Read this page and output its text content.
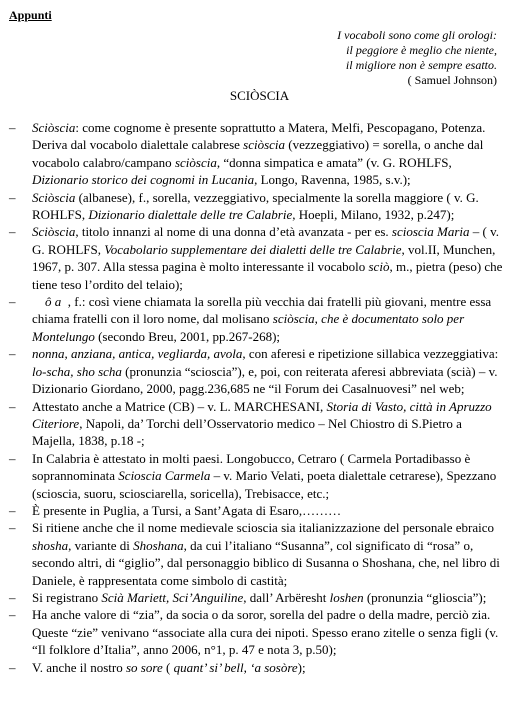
Appunti
I vocaboli sono come gli orologi:
il peggiore è meglio che niente,
il migliore non è sempre esatto.
( Samuel Johnson)
SCIÒSCIA
– Sciòscia: come cognome è presente soprattutto a Matera, Melfi, Pescopagano, Potenza. Deriva dal vocabolo dialettale calabrese sciòscia (vezzeggiativo) = sorella, o anche dal vocabolo calabro/campano sciòscia, “donna simpatica e amata” (v. G. ROHLFS, Dizionario storico dei cognomi in Lucania, Longo, Ravenna, 1985, s.v.);
– Sciòscia (albanese), f., sorella, vezzeggiativo, specialmente la sorella maggiore ( v. G. ROHLFS, Dizionario dialettale delle tre Calabrie, Hoepli, Milano, 1932, p.247);
– Sciòscia, titolo innanzi al nome di una donna d’età avanzata - per es. scioscia Maria – ( v. G. ROHLFS, Vocabolario supplementare dei dialetti delle tre Calabrie, vol.II, Munchen, 1967, p. 307. Alla stessa pagina è molto interessante il vocabolo sciò, m., pietra (peso) che tiene teso l’ordito del telaio);
– ô a  , f.: così viene chiamata la sorella più vecchia dai fratelli più giovani, mentre essa chiama fratelli con il loro nome, dal molisano sciòscia, che è documentato solo per Montelungo (secondo Breu, 2001, pp.267-268);
– nonna, anziana, antica, vegliarda, avola, con aferesi e ripetizione sillabica vezzeggiativa: lo-scha, sho scha (pronunzia “scioscia”), e, poi, con reiterata aferesi abbreviata (scià) – v. Dizionario Giordano, 2000, pagg.236,685 ne “il Forum dei Casalnuovesi” nel web;
– Attestato anche a Matrice (CB) – v. L. MARCHESANI, Storia di Vasto, città in Apruzzo Citeriore, Napoli, da’ Torchi dell’Osservatorio medico – Nel Chiostro di S.Pietro a Majella, 1838, p.18 -;
– In Calabria è attestato in molti paesi. Longobucco, Cetraro ( Carmela Portadibasso è soprannominata Scioscia Carmela – v. Mario Velati, poeta dialettale cetrarese), Spezzano (scioscia, suoru, sciosciarella, soricella), Trebisacce, etc.;
– È presente in Puglia, a Tursi, a Sant’Agata di Esaro,………
– Si ritiene anche che il nome medievale scioscia sia italianizzazione del personale ebraico shosha, variante di Shoshana, da cui l’italiano “Susanna”, col significato di “rosa” o, secondo altri, di “giglio”, dal personaggio biblico di Susanna o Shoshana, che, nel libro di Daniele, è rappresentata come simbolo di castità;
– Si registrano Scià Mariett, Sci’Anguiline, dall’ Arbëresht loshen (pronunzia “glioscia”);
– Ha anche valore di “zia”, da socia o da soror, sorella del padre o della madre, perciò zia. Queste “zie” venivano “associate alla cura dei nipoti. Spesso erano zitelle o senza figli (v. “Il folklore d’Italia”, anno 2006, n°1, p. 47 e nota 3, p.50);
– V. anche il nostro so sore ( quant’ si’ bell, ‘a sosòre);
